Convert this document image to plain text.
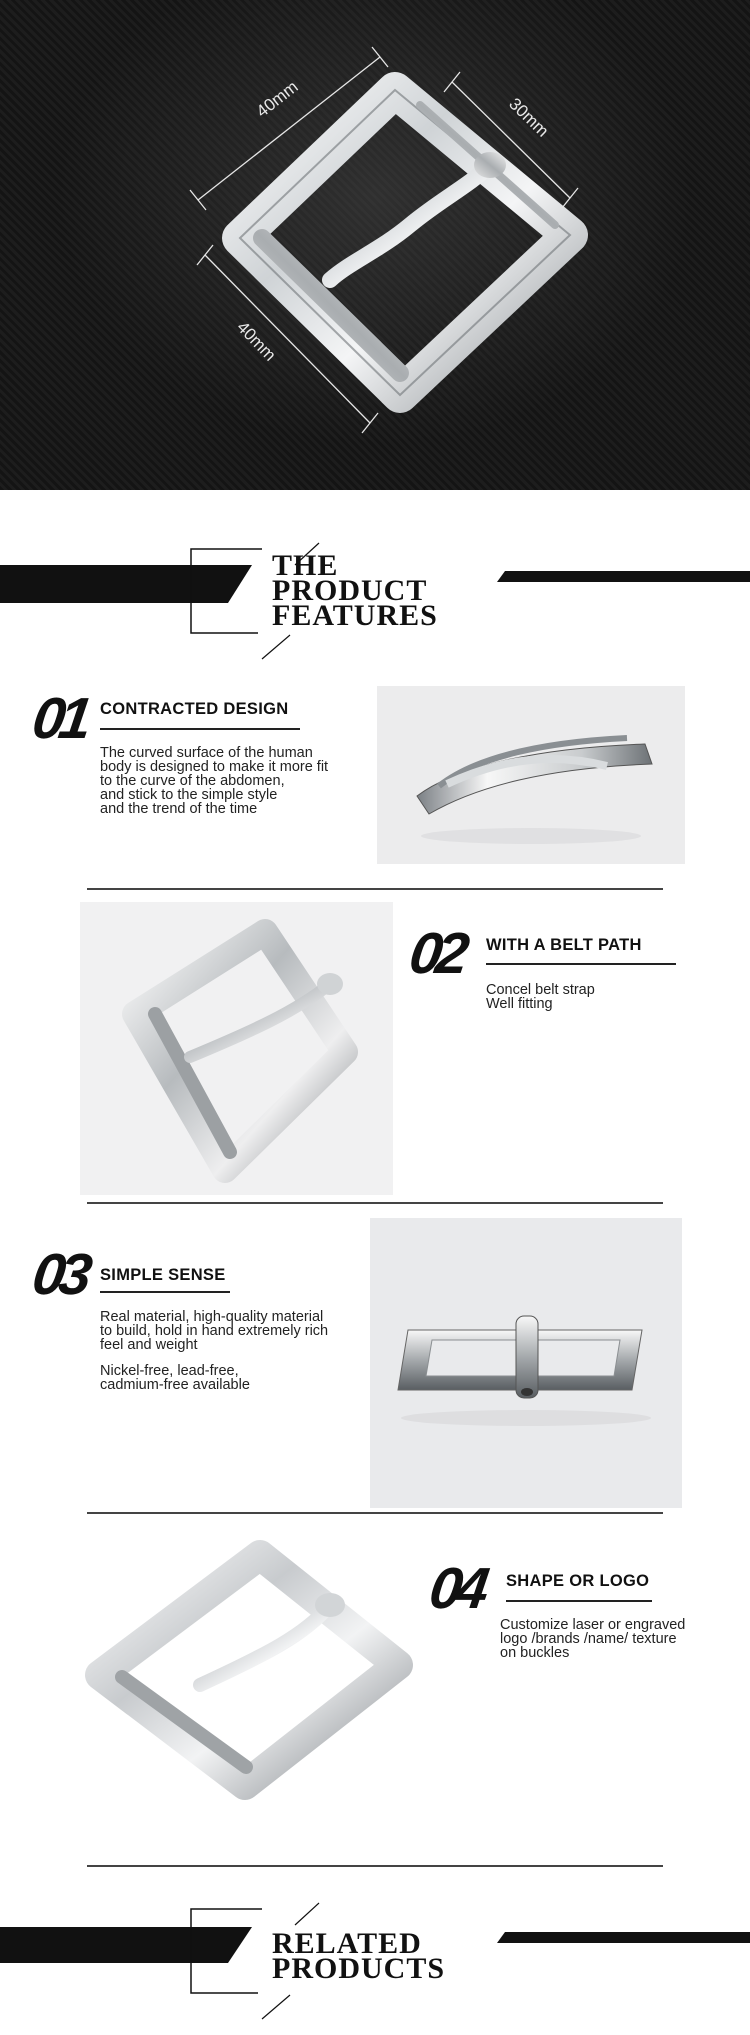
40mm	30mm
40mm
THE
PRODUCT
FEATURES
01 CONTRACTED DESIGN
The curved surface of the human
body is designed to make it more fit
to the curve of the abdomen,
and stick to the simple style
and the trend of the time
02 WITH A BELT PATH
Concel belt strap
Well fitting
03 SIMPLE SENSE
Real material, high-quality material
to build, hold in hand extremely rich
feel and weight
Nickel-free, lead-free,
cadmium-free available
04 SHAPE OR LOGO
Customize laser or engraved
logo /brands /name/ texture
on buckles
RELATED
PRODUCTS
